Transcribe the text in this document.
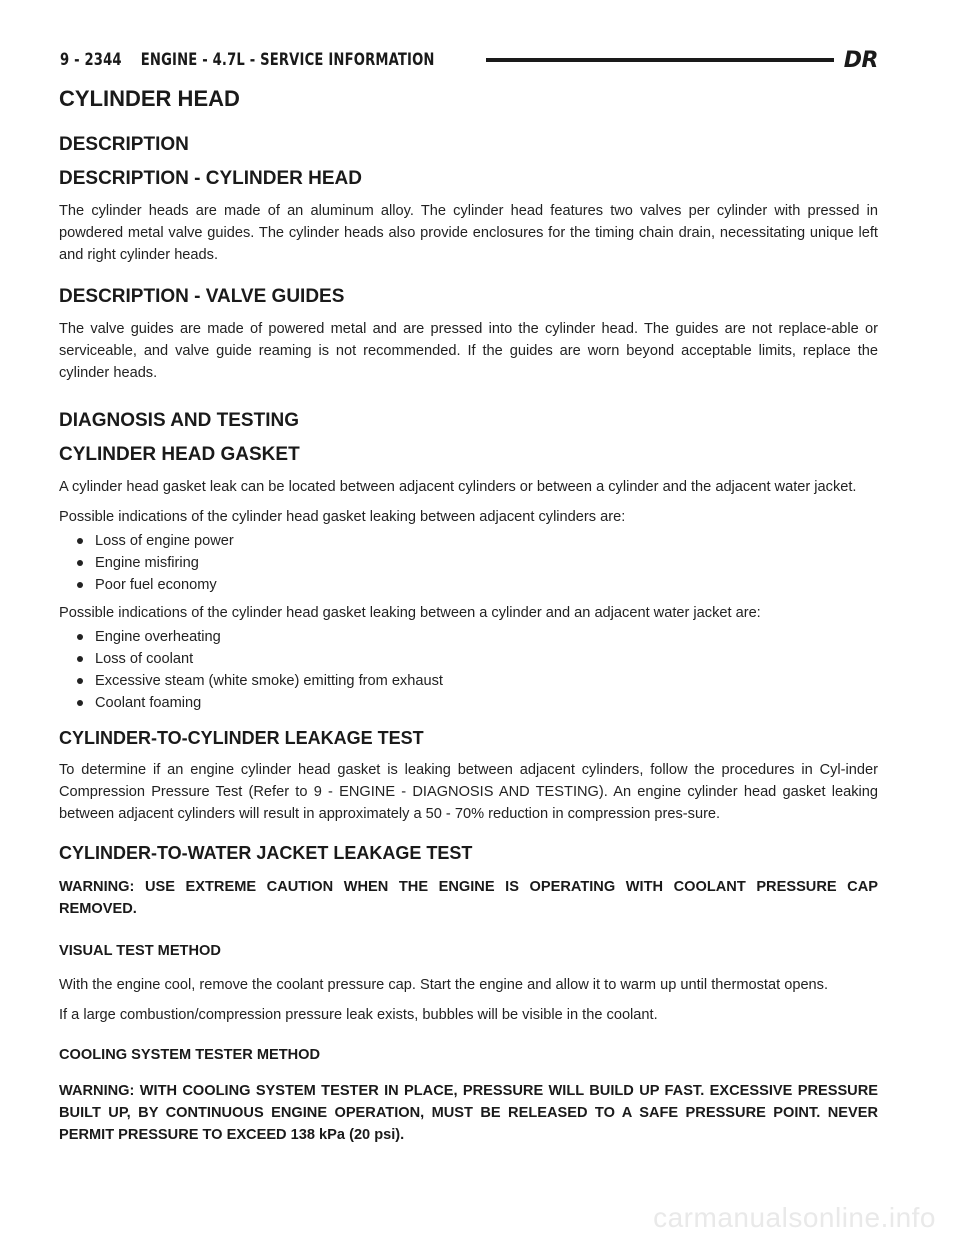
9 - 2344    ENGINE - 4.7L - SERVICE INFORMATION	DR
CYLINDER HEAD
DESCRIPTION
DESCRIPTION - CYLINDER HEAD

The cylinder heads are made of an aluminum alloy. The cylinder head features two valves per cylinder with pressed in powdered metal valve guides. The cylinder heads also provide enclosures for the timing chain drain, necessitating unique left and right cylinder heads.

DESCRIPTION - VALVE GUIDES

The valve guides are made of powered metal and are pressed into the cylinder head. The guides are not replace-able or serviceable, and valve guide reaming is not recommended. If the guides are worn beyond acceptable limits, replace the cylinder heads.

DIAGNOSIS AND TESTING
CYLINDER HEAD GASKET

A cylinder head gasket leak can be located between adjacent cylinders or between a cylinder and the adjacent water jacket.

Possible indications of the cylinder head gasket leaking between adjacent cylinders are:

Loss of engine power
Engine misfiring
Poor fuel economy

Possible indications of the cylinder head gasket leaking between a cylinder and an adjacent water jacket are:

Engine overheating
Loss of coolant
Excessive steam (white smoke) emitting from exhaust
Coolant foaming
CYLINDER-TO-CYLINDER LEAKAGE TEST

To determine if an engine cylinder head gasket is leaking between adjacent cylinders, follow the procedures in Cyl-inder Compression Pressure Test (Refer to 9 - ENGINE - DIAGNOSIS AND TESTING). An engine cylinder head gasket leaking between adjacent cylinders will result in approximately a 50 - 70% reduction in compression pres-sure.

CYLINDER-TO-WATER JACKET LEAKAGE TEST

WARNING: USE EXTREME CAUTION WHEN THE ENGINE IS OPERATING WITH COOLANT PRESSURE CAP REMOVED.

VISUAL TEST METHOD

With the engine cool, remove the coolant pressure cap. Start the engine and allow it to warm up until thermostat opens.

If a large combustion/compression pressure leak exists, bubbles will be visible in the coolant.

COOLING SYSTEM TESTER METHOD

WARNING: WITH COOLING SYSTEM TESTER IN PLACE, PRESSURE WILL BUILD UP FAST. EXCESSIVE PRESSURE BUILT UP, BY CONTINUOUS ENGINE OPERATION, MUST BE RELEASED TO A SAFE PRESSURE POINT. NEVER PERMIT PRESSURE TO EXCEED 138 kPa (20 psi).

carmanualsonline.info
